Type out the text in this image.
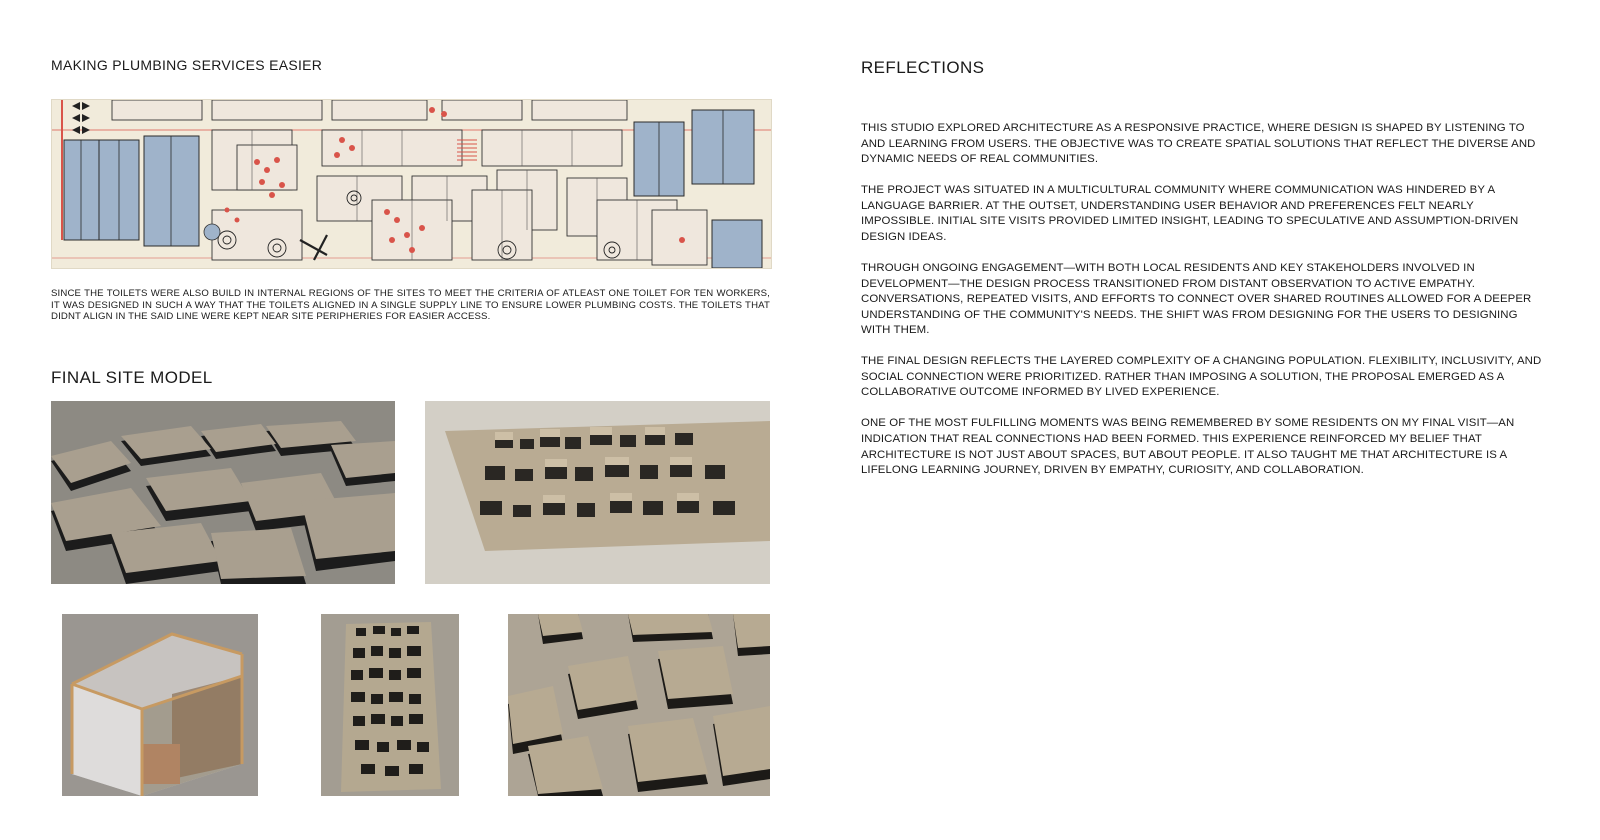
MAKING PLUMBING SERVICES EASIER

SINCE THE TOILETS WERE ALSO BUILD IN INTERNAL REGIONS OF THE SITES TO MEET THE CRITERIA OF ATLEAST ONE TOILET FOR TEN WORKERS, IT WAS DESIGNED IN SUCH A WAY THAT THE TOILETS ALIGNED IN A SINGLE SUPPLY LINE TO ENSURE LOWER PLUMBING COSTS. THE TOILETS THAT DIDNT ALIGN IN THE SAID LINE WERE KEPT NEAR SITE PERIPHERIES FOR EASIER ACCESS.

FINAL SITE MODEL
REFLECTIONS

THIS STUDIO EXPLORED ARCHITECTURE AS A RESPONSIVE PRACTICE, WHERE DESIGN IS SHAPED BY LISTENING TO AND LEARNING FROM USERS. THE OBJECTIVE WAS TO CREATE SPATIAL SOLUTIONS THAT REFLECT THE DIVERSE AND DYNAMIC NEEDS OF REAL COMMUNITIES.

THE PROJECT WAS SITUATED IN A MULTICULTURAL COMMUNITY WHERE COMMUNICATION WAS HINDERED BY A LANGUAGE BARRIER. AT THE OUTSET, UNDERSTANDING USER BEHAVIOR AND PREFERENCES FELT NEARLY IMPOSSIBLE. INITIAL SITE VISITS PROVIDED LIMITED INSIGHT, LEADING TO SPECULATIVE AND ASSUMPTION-DRIVEN DESIGN IDEAS.

THROUGH ONGOING ENGAGEMENT—WITH BOTH LOCAL RESIDENTS AND KEY STAKEHOLDERS INVOLVED IN DEVELOPMENT—THE DESIGN PROCESS TRANSITIONED FROM DISTANT OBSERVATION TO ACTIVE EMPATHY. CONVERSATIONS, REPEATED VISITS, AND EFFORTS TO CONNECT OVER SHARED ROUTINES ALLOWED FOR A DEEPER UNDERSTANDING OF THE COMMUNITY'S NEEDS. THE SHIFT WAS FROM DESIGNING FOR THE USERS TO DESIGNING WITH THEM.

THE FINAL DESIGN REFLECTS THE LAYERED COMPLEXITY OF A CHANGING POPULATION. FLEXIBILITY, INCLUSIVITY, AND SOCIAL CONNECTION WERE PRIORITIZED. RATHER THAN IMPOSING A SOLUTION, THE PROPOSAL EMERGED AS A COLLABORATIVE OUTCOME INFORMED BY LIVED EXPERIENCE.

ONE OF THE MOST FULFILLING MOMENTS WAS BEING REMEMBERED BY SOME RESIDENTS ON MY FINAL VISIT—AN INDICATION THAT REAL CONNECTIONS HAD BEEN FORMED. THIS EXPERIENCE REINFORCED MY BELIEF THAT ARCHITECTURE IS NOT JUST ABOUT SPACES, BUT ABOUT PEOPLE. IT ALSO TAUGHT ME THAT ARCHITECTURE IS A LIFELONG LEARNING JOURNEY, DRIVEN BY EMPATHY, CURIOSITY, AND COLLABORATION.
